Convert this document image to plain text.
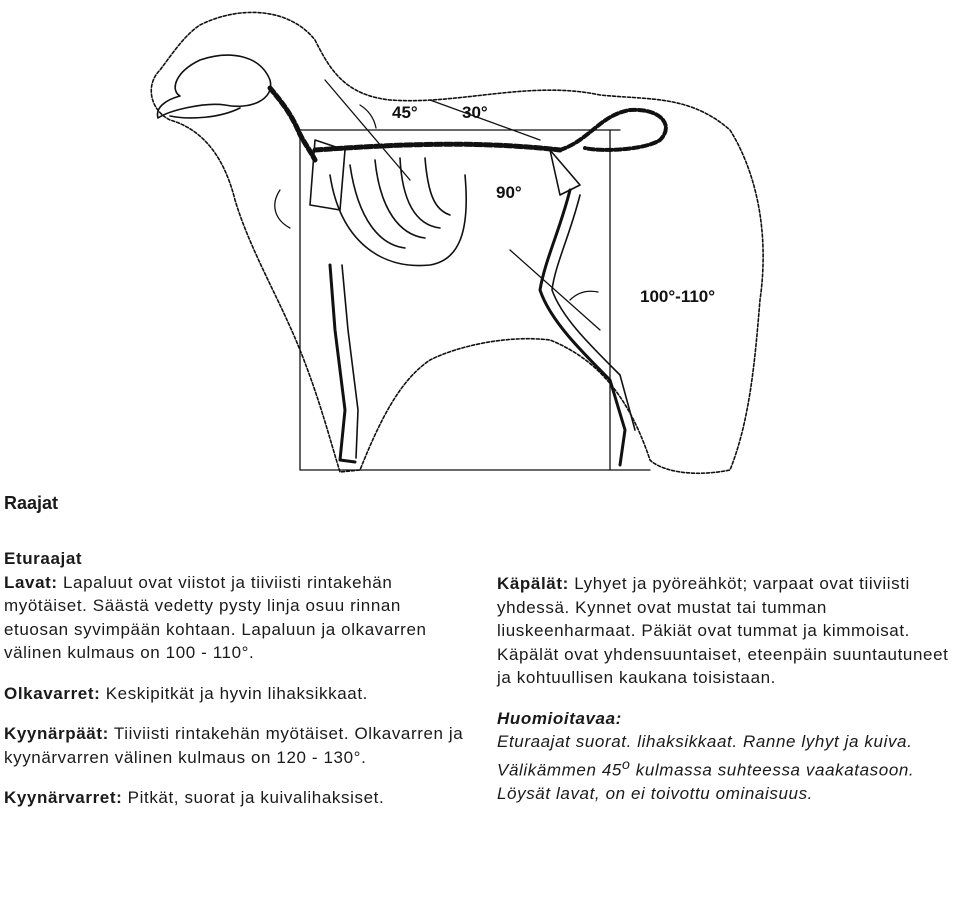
45°	30°
90°
100°-110°
Raajat
Eturaajat

Lavat: Lapaluut ovat viistot ja tiiviisti rintakehän myötäiset. Säästä vedetty pysty linja osuu rinnan etuosan syvimpään kohtaan. Lapaluun ja olkavarren välinen kulmaus on 100 - 110°.

Olkavarret: Keskipitkät ja hyvin lihaksikkaat.

Kyynärpäät: Tiiviisti rintakehän myötäiset. Olkavarren ja kyynärvarren välinen kulmaus on 120 - 130°.

Kyynärvarret: Pitkät, suorat ja kuivalihaksiset.

Käpälät: Lyhyet ja pyöreähköt; varpaat ovat tiiviisti yhdessä. Kynnet ovat mustat tai tumman liuskeenharmaat. Päkiät ovat tummat ja kimmoisat. Käpälät ovat yhdensuuntaiset, eteenpäin suuntautuneet ja kohtuullisen kaukana toisistaan.

Huomioitavaa:

Eturaajat suorat. lihaksikkaat. Ranne lyhyt ja kuiva. Välikämmen 45$^o$ kulmassa suhteessa vaakatasoon. Löysät lavat, on ei toivottu ominaisuus.
